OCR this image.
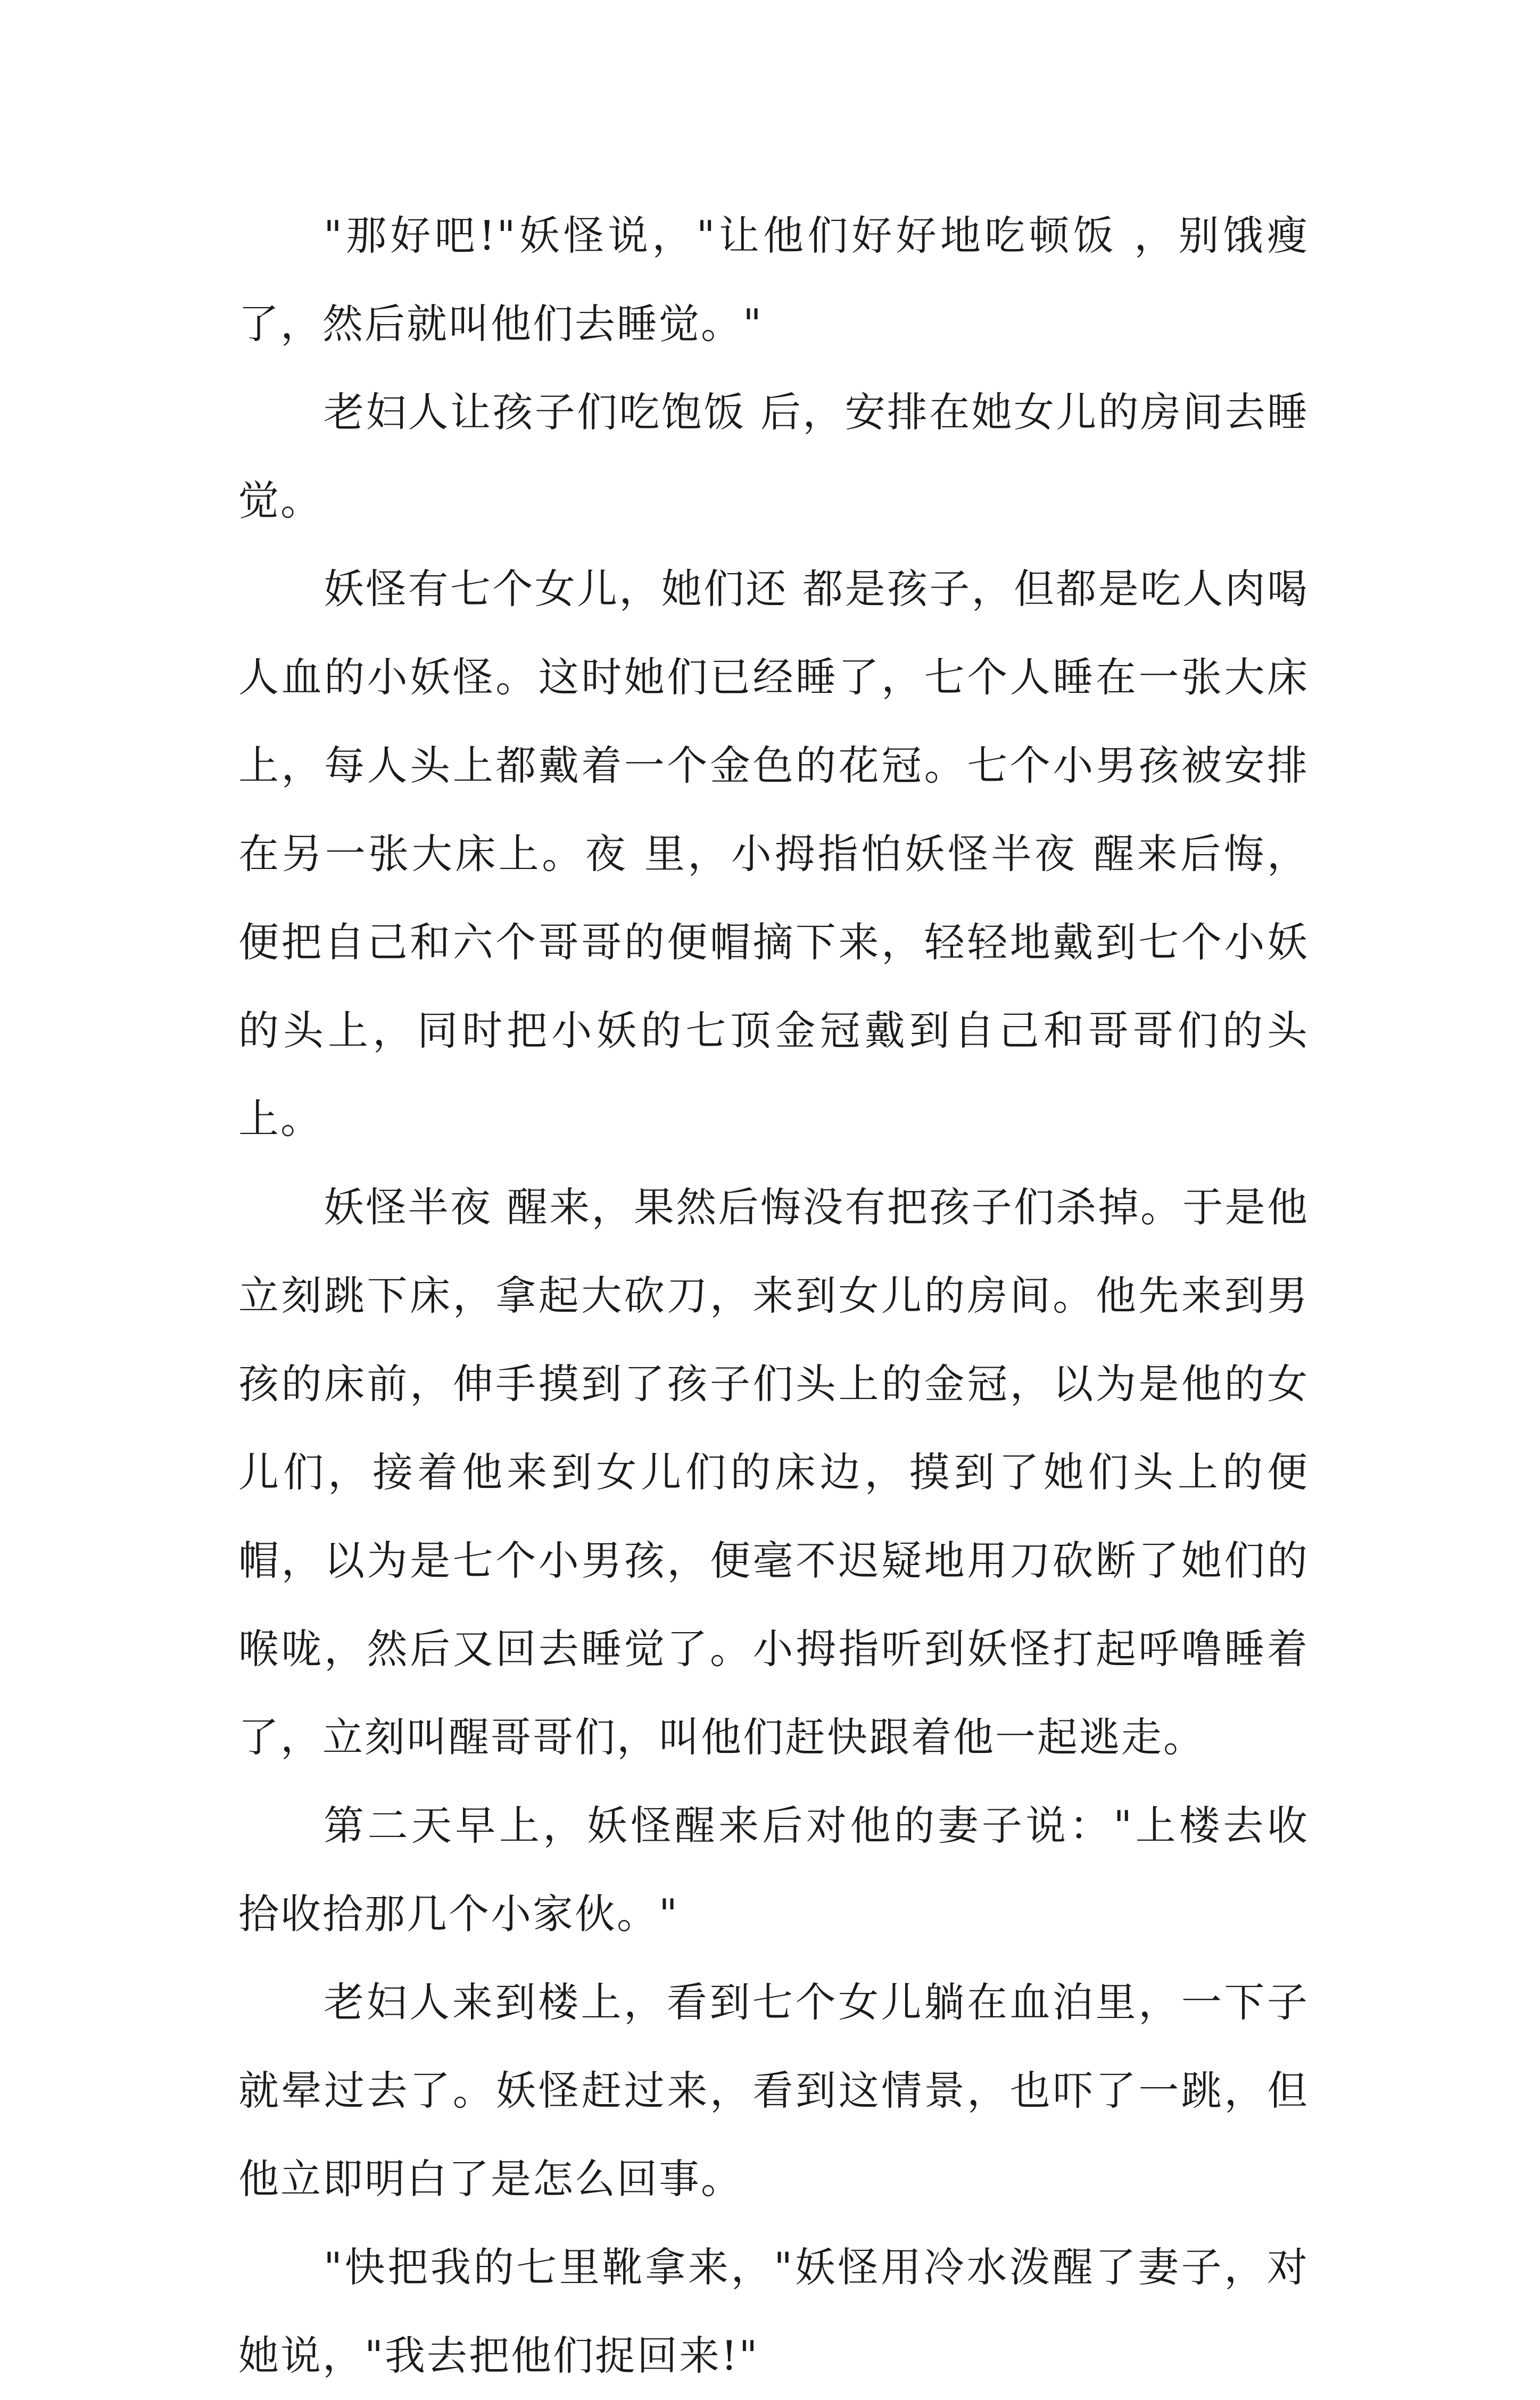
"那好吧!"妖怪说，"让他们好好地吃顿饭 ，别饿瘦了，然后就叫他们去睡觉。"

老妇人让孩子们吃饱饭 后，安排在她女儿的房间去睡觉。

妖怪有七个女儿，她们还 都是孩子，但都是吃人肉喝人血的小妖怪。这时她们已经睡了，七个人睡在一张大床上，每人头上都戴着一个金色的花冠。七个小男孩被安排在另一张大床上。夜 里，小拇指怕妖怪半夜 醒来后悔，便把自己和六个哥哥的便帽摘下来，轻轻地戴到七个小妖的头上，同时把小妖的七顶金冠戴到自己和哥哥们的头上。

妖怪半夜 醒来，果然后悔没有把孩子们杀掉。于是他立刻跳下床，拿起大砍刀，来到女儿的房间。他先来到男孩的床前，伸手摸到了孩子们头上的金冠，以为是他的女儿们，接着他来到女儿们的床边，摸到了她们头上的便帽，以为是七个小男孩，便毫不迟疑地用刀砍断了她们的喉咙，然后又回去睡觉了。小拇指听到妖怪打起呼噜睡着了，立刻叫醒哥哥们，叫他们赶快跟着他一起逃走。

第二天早上，妖怪醒来后对他的妻子说："上楼去收拾收拾那几个小家伙。"

老妇人来到楼上，看到七个女儿躺在血泊里，一下子就晕过去了。妖怪赶过来，看到这情景，也吓了一跳，但他立即明白了是怎么回事。

"快把我的七里靴拿来，"妖怪用冷水泼醒了妻子，对她说，"我去把他们捉回来!"
